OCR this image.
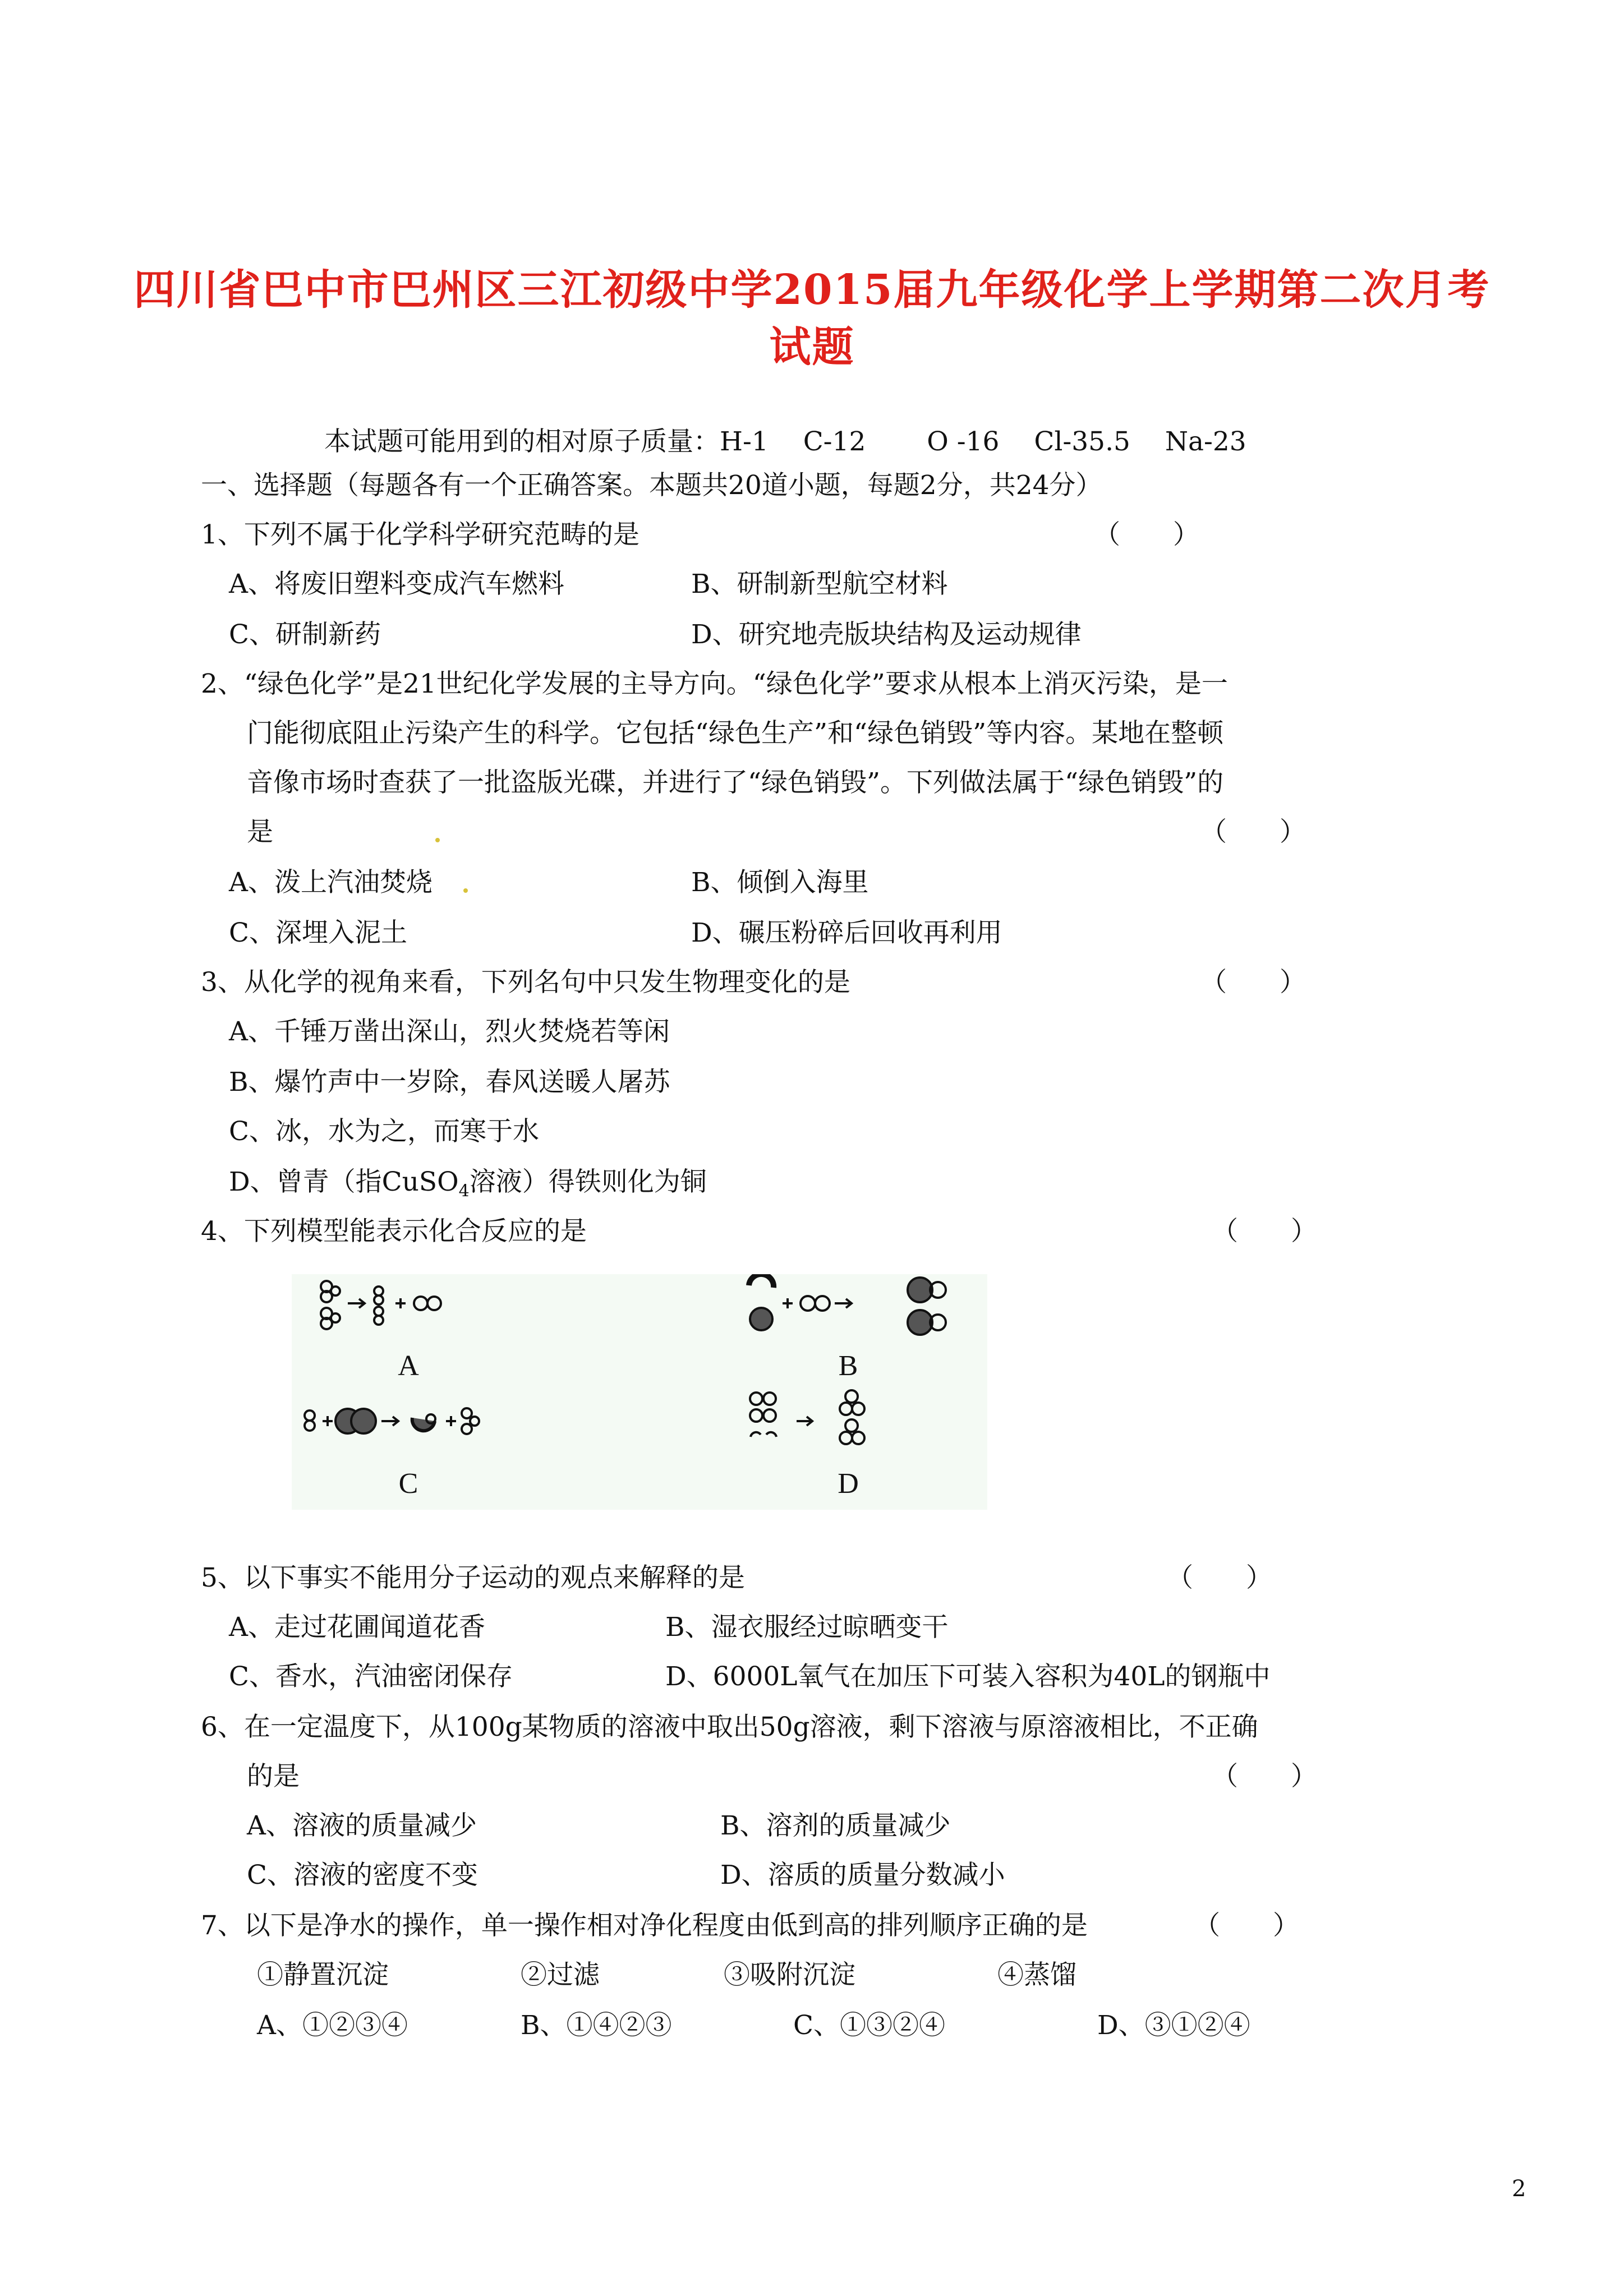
四川省巴中市巴州区三江初级中学2015届九年级化学上学期第二次月考
试题
本试题可能用到的相对原子质量：H-1　 C-12　　 O -16　 Cl-35.5　 Na-23
一、选择题（每题各有一个正确答案。本题共20道小题，每题2分，共24分）
1、下列不属于化学科学研究范畴的是	（　　）
A、将废旧塑料变成汽车燃料	B、研制新型航空材料
C、研制新药	D、研究地壳版块结构及运动规律
2、“绿色化学”是21世纪化学发展的主导方向。“绿色化学”要求从根本上消灭污染，是一
门能彻底阻止污染产生的科学。它包括“绿色生产”和“绿色销毁”等内容。某地在整顿
音像市场时查获了一批盗版光碟，并进行了“绿色销毁”。下列做法属于“绿色销毁”的
是	（　　）
A、泼上汽油焚烧	B、倾倒入海里
C、深埋入泥土	D、碾压粉碎后回收再利用
3、从化学的视角来看，下列名句中只发生物理变化的是	（　　）
A、千锤万凿出深山，烈火焚烧若等闲
B、爆竹声中一岁除，春风送暖人屠苏
C、冰，水为之，而寒于水
D、曾青（指CuSO$_4$溶液）得铁则化为铜
4、下列模型能表示化合反应的是	（　　）
A	B
C	D
5、以下事实不能用分子运动的观点来解释的是	（　　）
A、走过花圃闻道花香	B、湿衣服经过晾晒变干
C、香水，汽油密闭保存	D、6000L氧气在加压下可装入容积为40L的钢瓶中
6、在一定温度下，从100g某物质的溶液中取出50g溶液，剩下溶液与原溶液相比，不正确
的是	（　　）
A、溶液的质量减少	B、溶剂的质量减少
C、溶液的密度不变	D、溶质的质量分数减小
7、以下是净水的操作，单一操作相对净化程度由低到高的排列顺序正确的是	（　　）
①静置沉淀	②过滤	③吸附沉淀	④蒸馏
A、①②③④	B、①④②③	C、①③②④	D、③①②④
2
